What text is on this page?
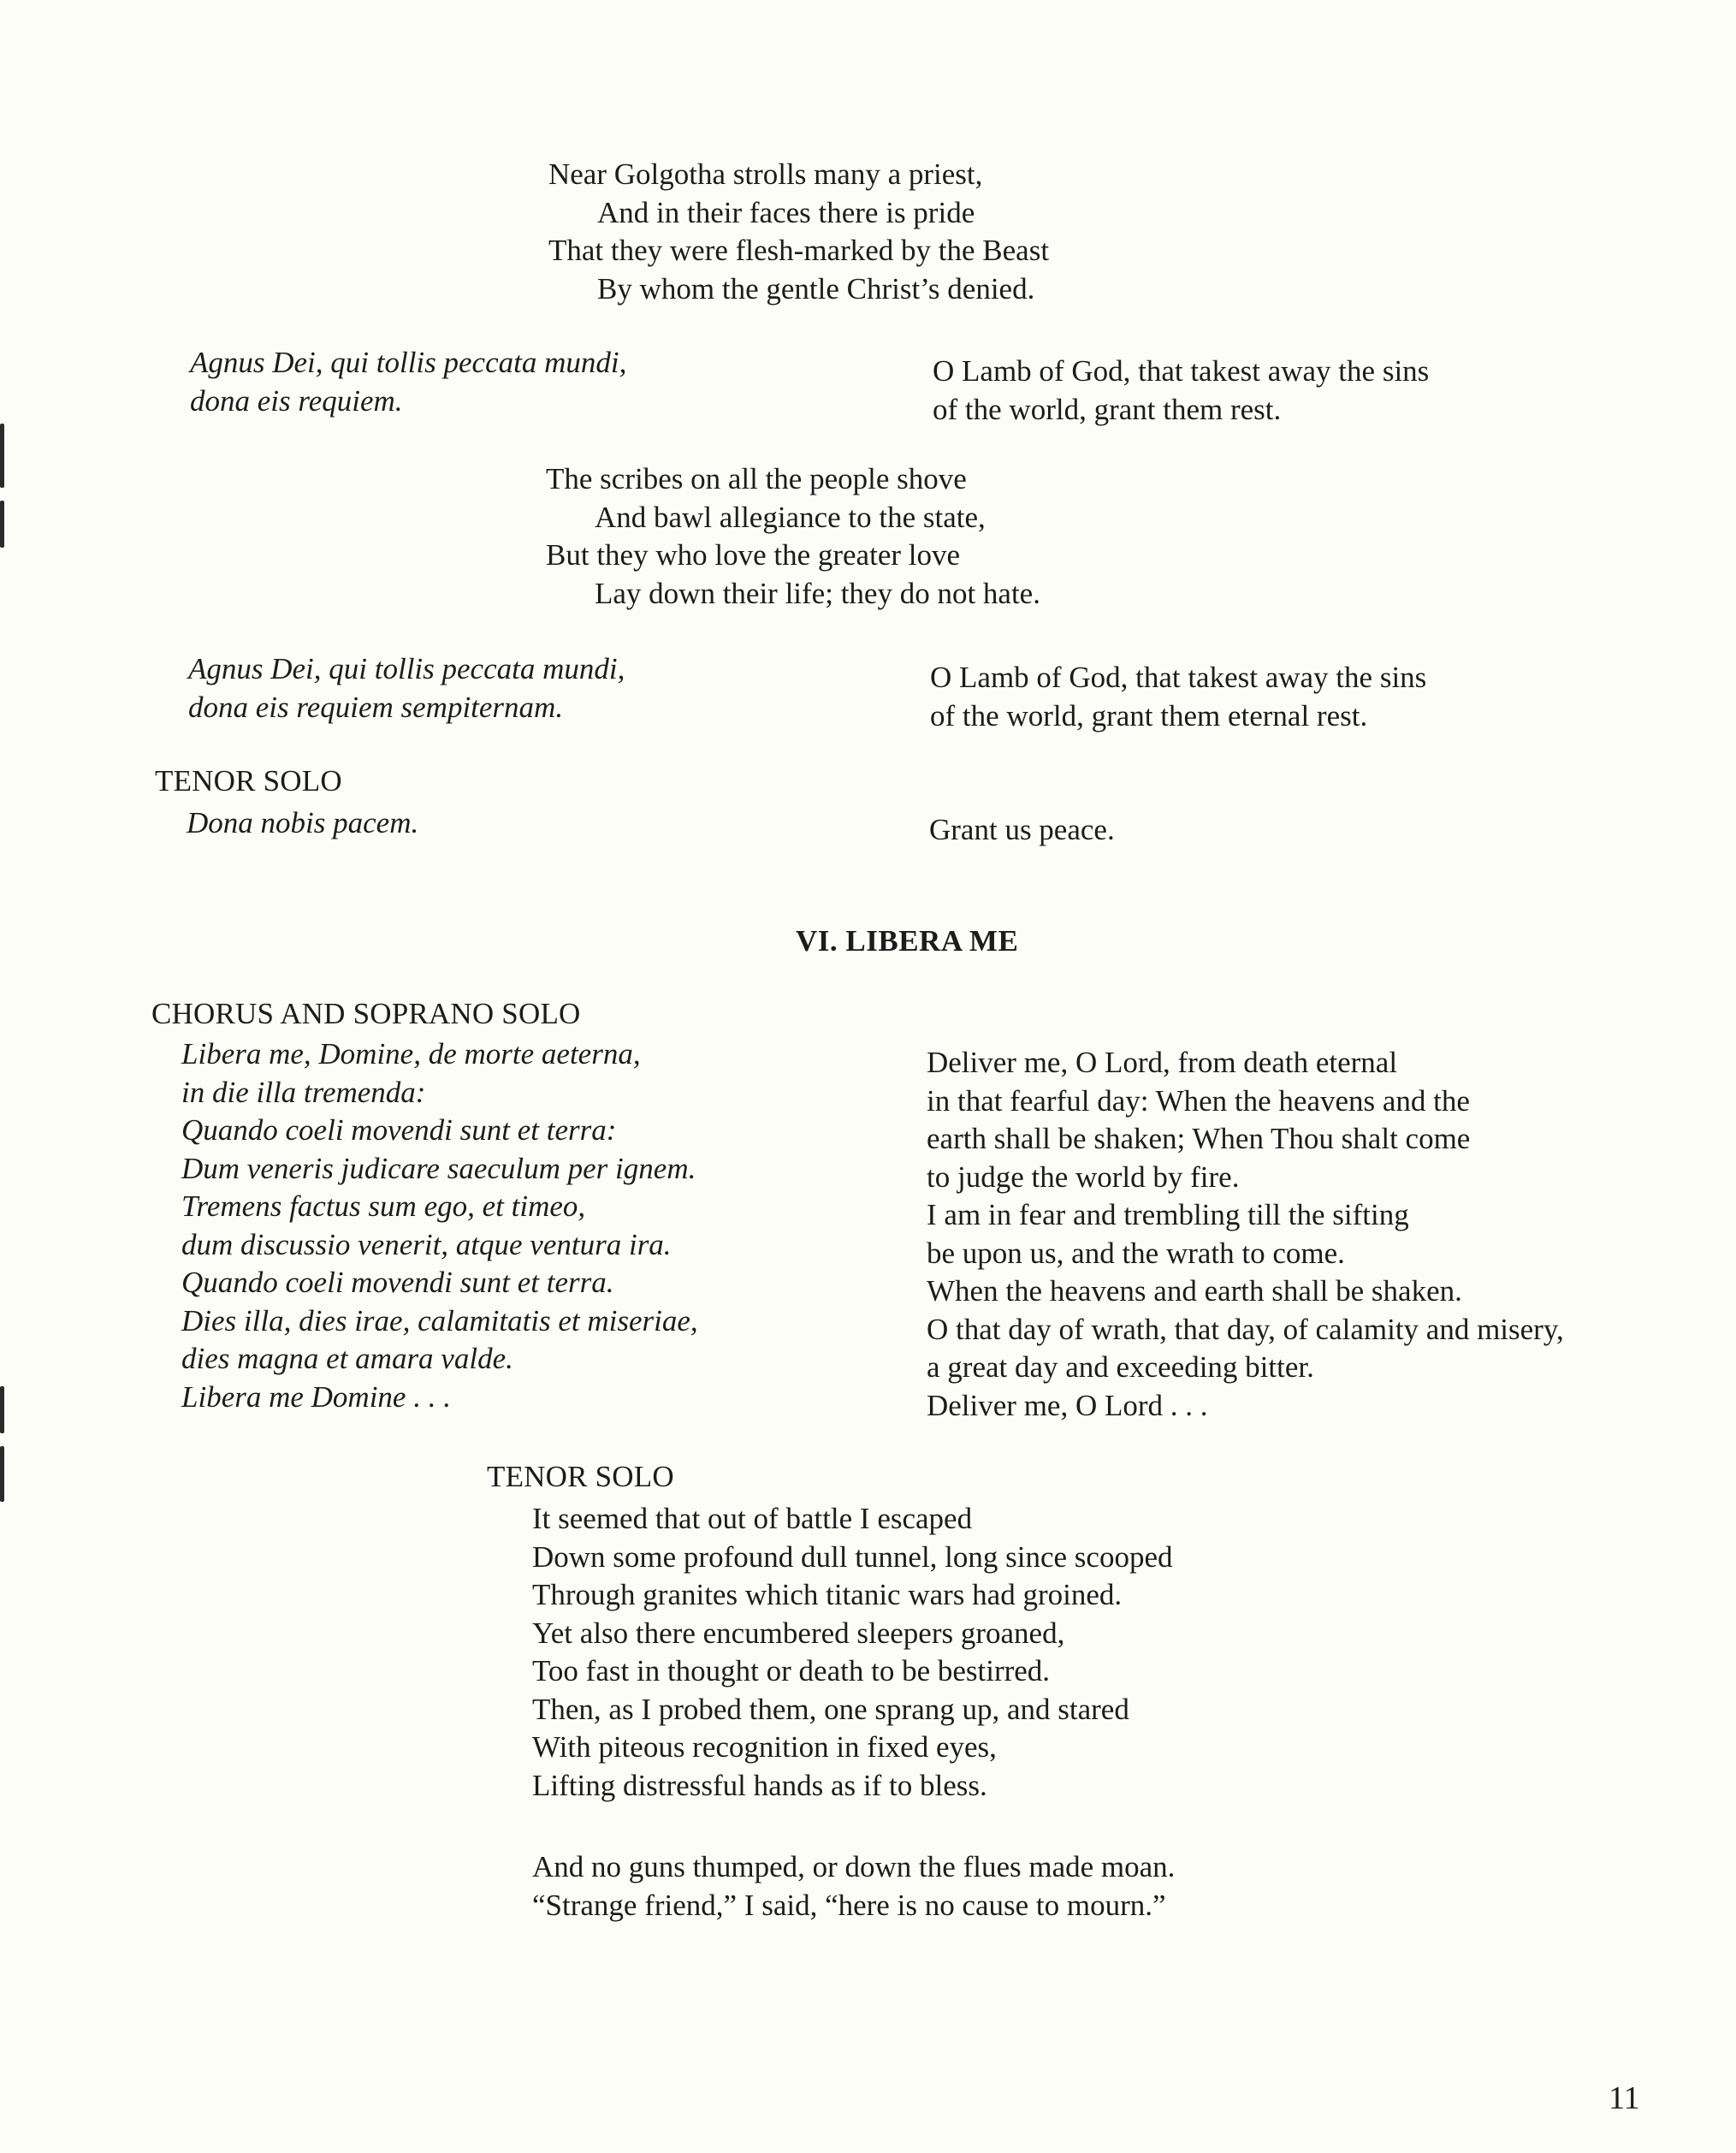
Near Golgotha strolls many a priest,
And in their faces there is pride
That they were flesh-marked by the Beast
By whom the gentle Christ’s denied.
Agnus Dei, qui tollis peccata mundi,
dona eis requiem.
O Lamb of God, that takest away the sins
of the world, grant them rest.
The scribes on all the people shove
And bawl allegiance to the state,
But they who love the greater love
Lay down their life; they do not hate.
Agnus Dei, qui tollis peccata mundi,
dona eis requiem sempiternam.
O Lamb of God, that takest away the sins
of the world, grant them eternal rest.
TENOR SOLO
Dona nobis pacem.	Grant us peace.
VI. LIBERA ME
CHORUS AND SOPRANO SOLO
Libera me, Domine, de morte aeterna,
in die illa tremenda:
Quando coeli movendi sunt et terra:
Dum veneris judicare saeculum per ignem.
Tremens factus sum ego, et timeo,
dum discussio venerit, atque ventura ira.
Quando coeli movendi sunt et terra.
Dies illa, dies irae, calamitatis et miseriae,
dies magna et amara valde.
Libera me Domine . . .
Deliver me, O Lord, from death eternal
in that fearful day: When the heavens and the
earth shall be shaken; When Thou shalt come
to judge the world by fire.
I am in fear and trembling till the sifting
be upon us, and the wrath to come.
When the heavens and earth shall be shaken.
O that day of wrath, that day, of calamity and misery,
a great day and exceeding bitter.
Deliver me, O Lord . . .
TENOR SOLO
It seemed that out of battle I escaped
Down some profound dull tunnel, long since scooped
Through granites which titanic wars had groined.
Yet also there encumbered sleepers groaned,
Too fast in thought or death to be bestirred.
Then, as I probed them, one sprang up, and stared
With piteous recognition in fixed eyes,
Lifting distressful hands as if to bless.
And no guns thumped, or down the flues made moan.
“Strange friend,” I said, “here is no cause to mourn.”
11
